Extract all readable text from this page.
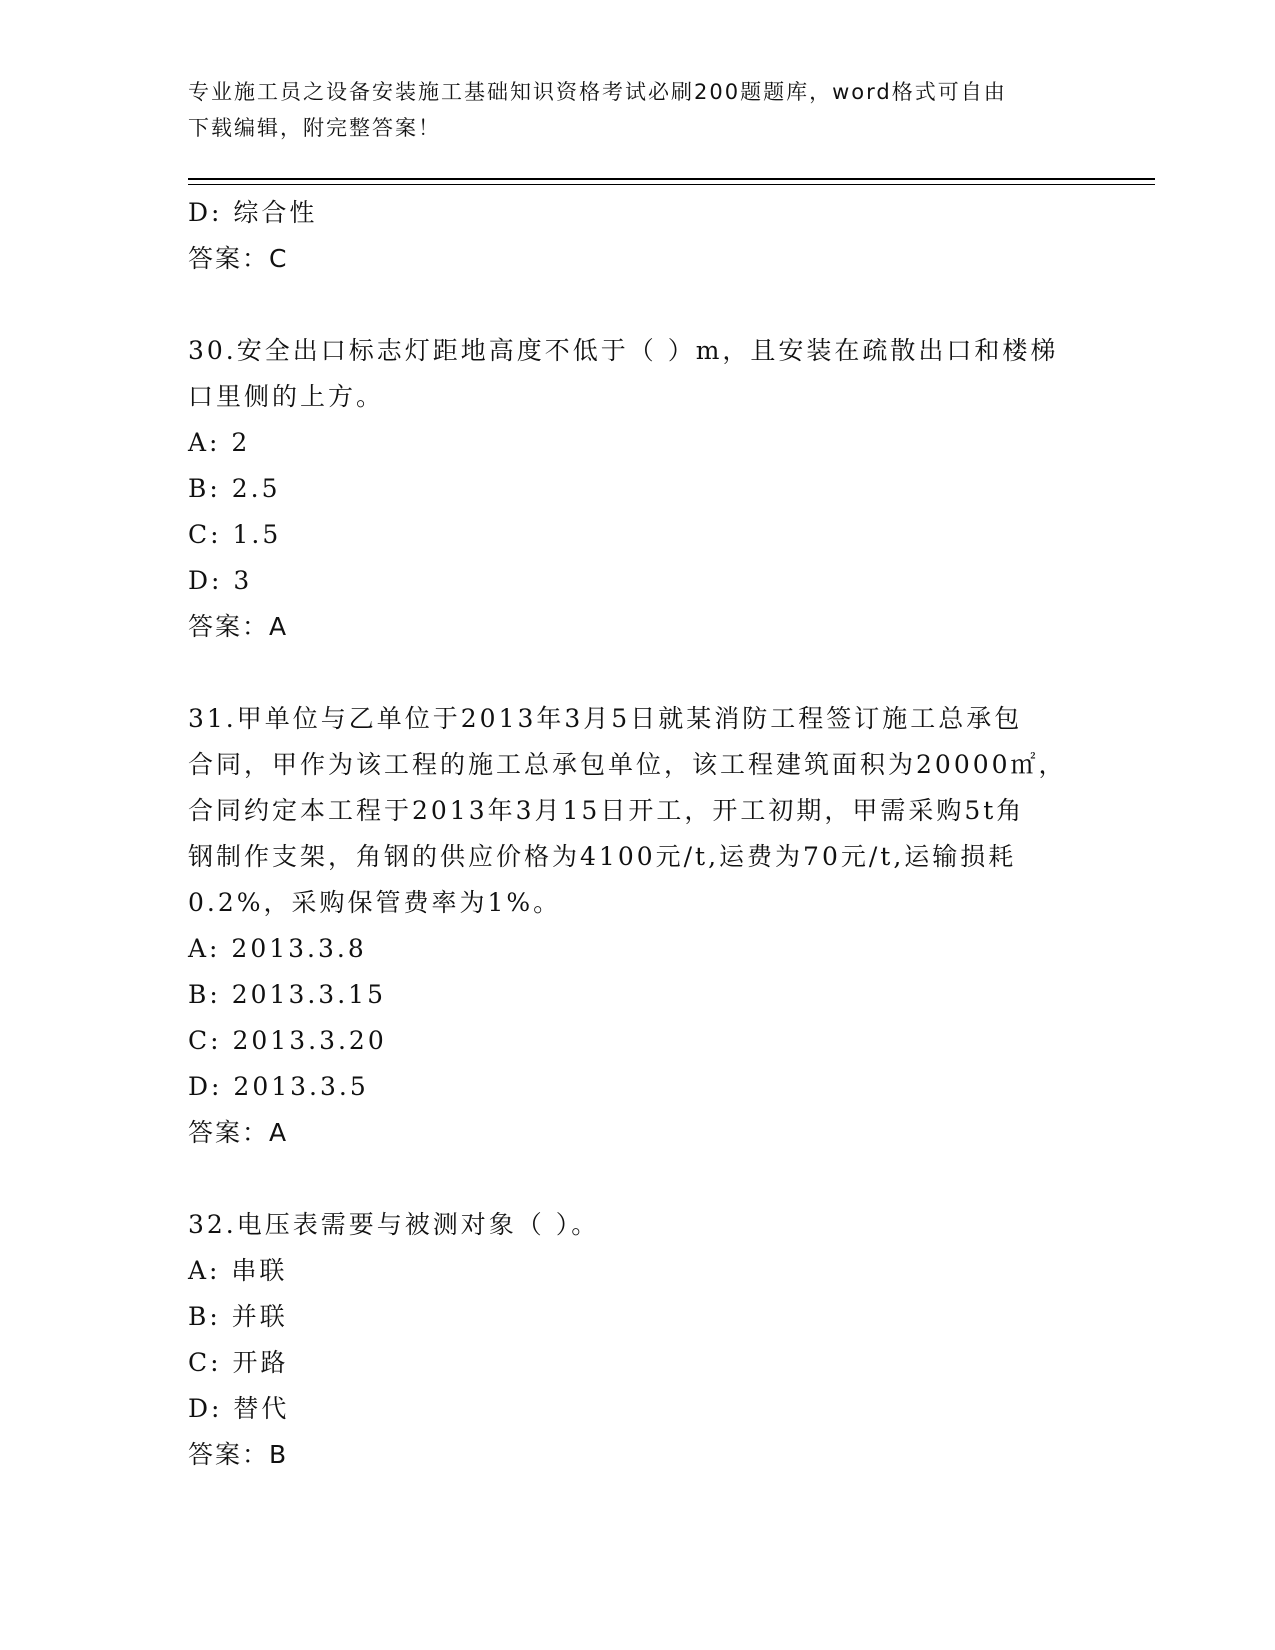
专业施工员之设备安装施工基础知识资格考试必刷200题题库，word格式可自由
下载编辑，附完整答案！
D: 综合性
答案：C
30.安全出口标志灯距地高度不低于（ ）m，且安装在疏散出口和楼梯
口里侧的上方。
A: 2
B: 2.5
C: 1.5
D: 3
答案：A
31.甲单位与乙单位于2013年3月5日就某消防工程签订施工总承包
合同，甲作为该工程的施工总承包单位，该工程建筑面积为20000㎡，
合同约定本工程于2013年3月15日开工，开工初期，甲需采购5t角
钢制作支架，角钢的供应价格为4100元/t,运费为70元/t,运输损耗
0.2%，采购保管费率为1%。
A: 2013.3.8
B: 2013.3.15
C: 2013.3.20
D: 2013.3.5
答案：A
32.电压表需要与被测对象（ ）。
A: 串联
B: 并联
C: 开路
D: 替代
答案：B
